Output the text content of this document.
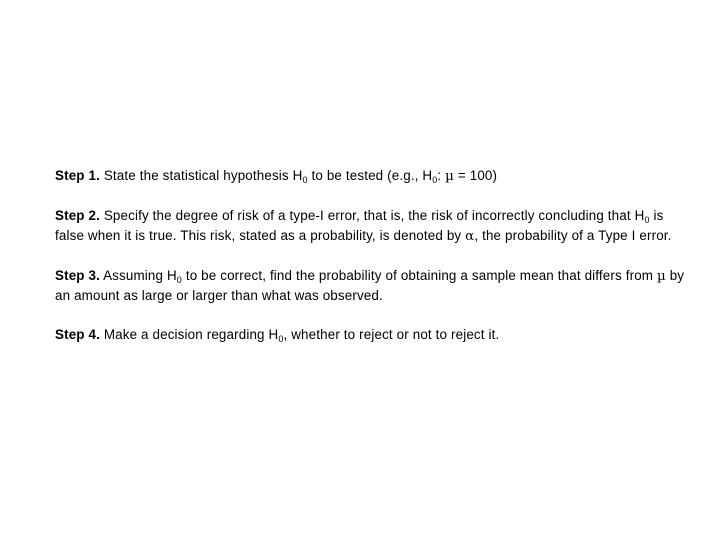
Step 1. State the statistical hypothesis $H_0$ to be tested (e.g., $H_0$: µ = 100)

Step 2. Specify the degree of risk of a type-I error, that is, the risk of incorrectly concluding that $H_0$ is false when it is true. This risk, stated as a probability, is denoted by α, the probability of a Type I error.

Step 3. Assuming $H_0$ to be correct, find the probability of obtaining a sample mean that differs from µ by an amount as large or larger than what was observed.

Step 4. Make a decision regarding $H_0$, whether to reject or not to reject it.
